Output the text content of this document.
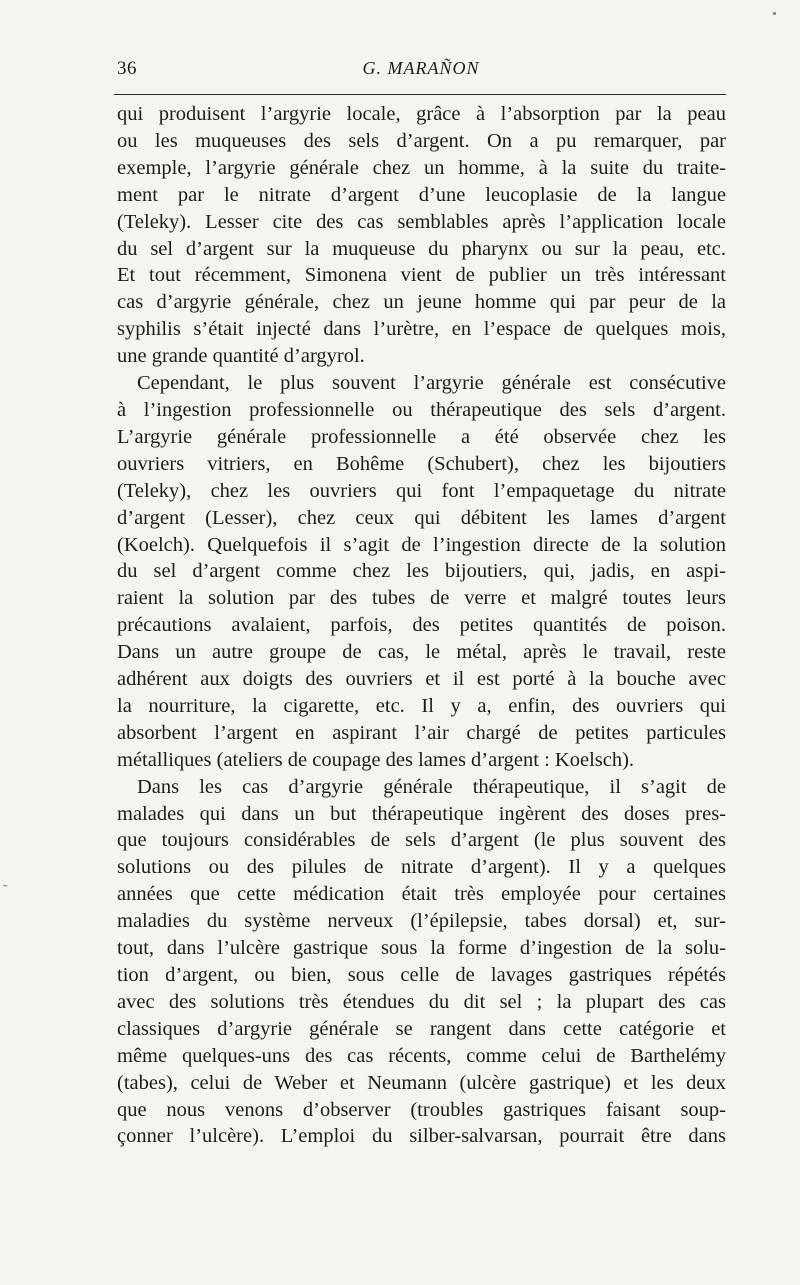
36	G. MARAÑON

qui produisent l’argyrie locale, grâce à l’absorption par la peau
ou les muqueuses des sels d’argent. On a pu remarquer, par
exemple, l’argyrie générale chez un homme, à la suite du traite-
ment par le nitrate d’argent d’une leucoplasie de la langue
(Teleky). Lesser cite des cas semblables après l’application locale
du sel d’argent sur la muqueuse du pharynx ou sur la peau, etc.
Et tout récemment, Simonena vient de publier un très intéressant
cas d’argyrie générale, chez un jeune homme qui par peur de la
syphilis s’était injecté dans l’urètre, en l’espace de quelques mois,
une grande quantité d’argyrol.

Cependant, le plus souvent l’argyrie générale est consécutive
à l’ingestion professionnelle ou thérapeutique des sels d’argent.
L’argyrie générale professionnelle a été observée chez les
ouvriers vitriers, en Bohême (Schubert), chez les bijoutiers
(Teleky), chez les ouvriers qui font l’empaquetage du nitrate
d’argent (Lesser), chez ceux qui débitent les lames d’argent
(Koelch). Quelquefois il s’agit de l’ingestion directe de la solution
du sel d’argent comme chez les bijoutiers, qui, jadis, en aspi-
raient la solution par des tubes de verre et malgré toutes leurs
précautions avalaient, parfois, des petites quantités de poison.
Dans un autre groupe de cas, le métal, après le travail, reste
adhérent aux doigts des ouvriers et il est porté à la bouche avec
la nourriture, la cigarette, etc. Il y a, enfin, des ouvriers qui
absorbent l’argent en aspirant l’air chargé de petites particules
métalliques (ateliers de coupage des lames d’argent : Koelsch).

Dans les cas d’argyrie générale thérapeutique, il s’agit de
malades qui dans un but thérapeutique ingèrent des doses pres-
que toujours considérables de sels d’argent (le plus souvent des
solutions ou des pilules de nitrate d’argent). Il y a quelques
années que cette médication était très employée pour certaines
maladies du système nerveux (l’épilepsie, tabes dorsal) et, sur-
tout, dans l’ulcère gastrique sous la forme d’ingestion de la solu-
tion d’argent, ou bien, sous celle de lavages gastriques répétés
avec des solutions très étendues du dit sel ; la plupart des cas
classiques d’argyrie générale se rangent dans cette catégorie et
même quelques-uns des cas récents, comme celui de Barthelémy
(tabes), celui de Weber et Neumann (ulcère gastrique) et les deux
que nous venons d’observer (troubles gastriques faisant soup-
çonner l’ulcère). L’emploi du silber-salvarsan, pourrait être dans

˜
